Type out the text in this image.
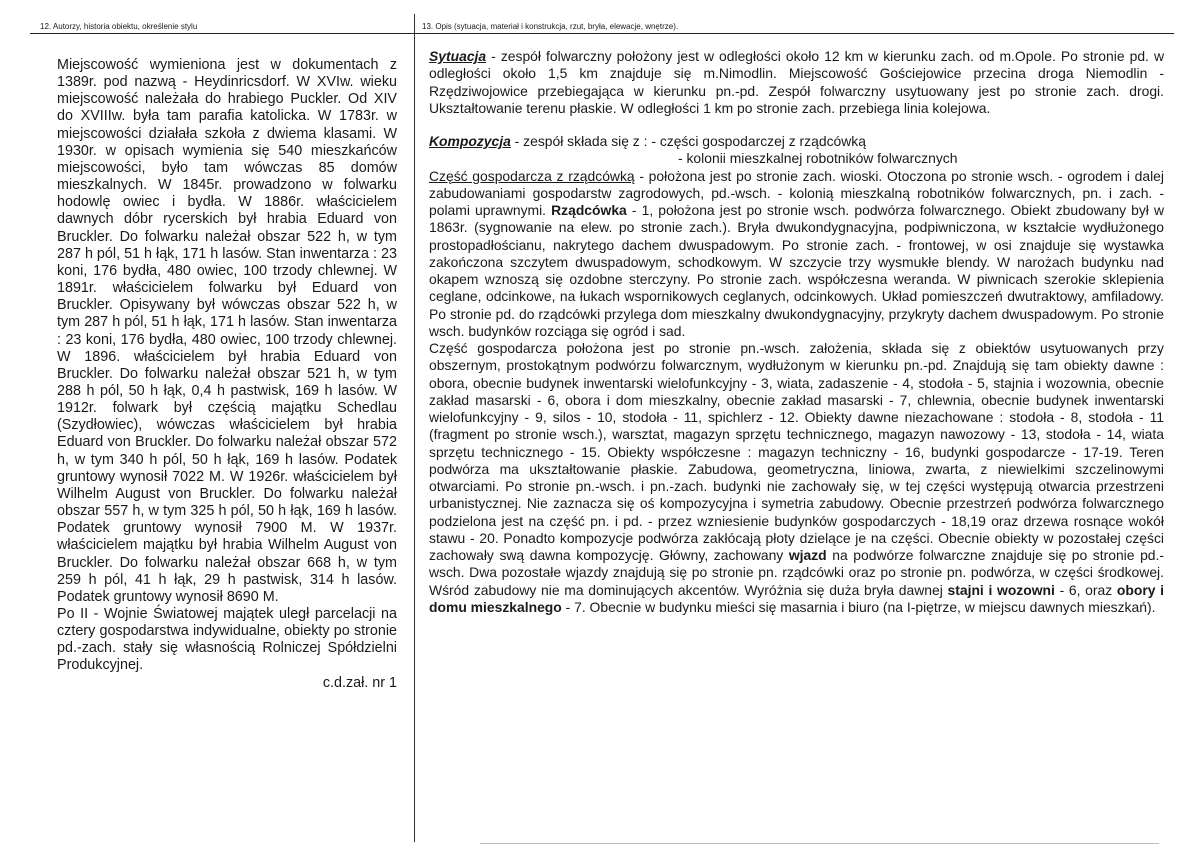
12. Autorzy, historia obiektu, określenie stylu	13. Opis (sytuacja, materiał i konstrukcja, rzut, bryła, elewacje, wnętrze).

Miejscowość wymieniona jest w dokumentach z 1389r. pod nazwą - Heydinricsdorf. W XVIw. wieku miejscowość należała do hrabiego Puckler. Od XIV do XVIIIw. była tam parafia katolicka. W 1783r. w miejscowości działała szkoła z dwiema klasami. W 1930r. w opisach wymienia się 540 mieszkańców miejscowości, było tam wówczas 85 domów mieszkalnych. W 1845r. prowadzono w folwarku hodowlę owiec i bydła. W 1886r. właścicielem dawnych dóbr rycerskich był hrabia Eduard von Bruckler. Do folwarku należał obszar 522 h, w tym 287 h pól, 51 h łąk, 171 h lasów. Stan inwentarza : 23 koni, 176 bydła, 480 owiec, 100 trzody chlewnej. W 1891r. właścicielem folwarku był Eduard von Bruckler. Opisywany był wówczas obszar 522 h, w tym 287 h pól, 51 h łąk, 171 h lasów. Stan inwentarza : 23 koni, 176 bydła, 480 owiec, 100 trzody chlewnej. W 1896. właścicielem był hrabia Eduard von Bruckler. Do folwarku należał obszar 521 h, w tym 288 h pól, 50 h łąk, 0,4 h pastwisk, 169 h lasów. W 1912r. folwark był częścią majątku Schedlau (Szydłowiec), wówczas właścicielem był hrabia Eduard von Bruckler. Do folwarku należał obszar 572 h, w tym 340 h pól, 50 h łąk, 169 h lasów. Podatek gruntowy wynosił 7022 M. W 1926r. właścicielem był Wilhelm August von Bruckler. Do folwarku należał obszar 557 h, w tym 325 h pól, 50 h łąk, 169 h lasów. Podatek gruntowy wynosił 7900 M. W 1937r. właścicielem majątku był hrabia Wilhelm August von Bruckler. Do folwarku należał obszar 668 h, w tym 259 h pól, 41 h łąk, 29 h pastwisk, 314 h lasów. Podatek gruntowy wynosił 8690 M.

Po II - Wojnie Światowej majątek uległ parcelacji na cztery gospodarstwa indywidualne, obiekty po stronie pd.-zach. stały się własnością Rolniczej Spółdzielni Produkcyjnej.

c.d.zał. nr 1

Sytuacja - zespół folwarczny położony jest w odległości około 12 km w kierunku zach. od m.Opole. Po stronie pd. w odległości około 1,5 km znajduje się m.Nimodlin. Miejscowość Gościejowice przecina droga Niemodlin - Rzędziwojowice przebiegająca w kierunku pn.-pd. Zespół folwarczny usytuowany jest po stronie zach. drogi. Ukształtowanie terenu płaskie. W odległości 1 km po stronie zach. przebiega linia kolejowa.

Kompozycja - zespół składa się z : - części gospodarczej z rządcówką

- kolonii mieszkalnej robotników folwarcznych

Część gospodarcza z rządcówką - położona jest po stronie zach. wioski. Otoczona po stronie wsch. - ogrodem i dalej zabudowaniami gospodarstw zagrodowych, pd.-wsch. - kolonią mieszkalną robotników folwarcznych, pn. i zach. - polami uprawnymi. Rządcówka - 1, położona jest po stronie wsch. podwórza folwarcznego. Obiekt zbudowany był w 1863r. (sygnowanie na elew. po stronie zach.). Bryła dwukondygnacyjna, podpiwniczona, w kształcie wydłużonego prostopadłościanu, nakrytego dachem dwuspadowym. Po stronie zach. - frontowej, w osi znajduje się wystawka zakończona szczytem dwuspadowym, schodkowym. W szczycie trzy wysmukłe blendy. W narożach budynku nad okapem wznoszą się ozdobne sterczyny. Po stronie zach. współczesna weranda. W piwnicach szerokie sklepienia ceglane, odcinkowe, na łukach wspornikowych ceglanych, odcinkowych. Układ pomieszczeń dwutraktowy, amfiladowy. Po stronie pd. do rządcówki przylega dom mieszkalny dwukondygnacyjny, przykryty dachem dwuspadowym. Po stronie wsch. budynków rozciąga się ogród i sad.

Część gospodarcza położona jest po stronie pn.-wsch. założenia, składa się z obiektów usytuowanych przy obszernym, prostokątnym podwórzu folwarcznym, wydłużonym w kierunku pn.-pd. Znajdują się tam obiekty dawne : obora, obecnie budynek inwentarski wielofunkcyjny - 3, wiata, zadaszenie - 4, stodoła - 5, stajnia i wozownia, obecnie zakład masarski - 6, obora i dom mieszkalny, obecnie zakład masarski - 7, chlewnia, obecnie budynek inwentarski wielofunkcyjny - 9, silos - 10, stodoła - 11, spichlerz - 12. Obiekty dawne niezachowane : stodoła - 8, stodoła - 11 (fragment po stronie wsch.), warsztat, magazyn sprzętu technicznego, magazyn nawozowy - 13, stodoła - 14, wiata sprzętu technicznego - 15. Obiekty współczesne : magazyn techniczny - 16, budynki gospodarcze - 17-19. Teren podwórza ma ukształtowanie płaskie. Zabudowa, geometryczna, liniowa, zwarta, z niewielkimi szczelinowymi otwarciami. Po stronie pn.-wsch. i pn.-zach. budynki nie zachowały się, w tej części występują otwarcia przestrzeni urbanistycznej. Nie zaznacza się oś kompozycyjna i symetria zabudowy. Obecnie przestrzeń podwórza folwarcznego podzielona jest na część pn. i pd. - przez wzniesienie budynków gospodarczych - 18,19 oraz drzewa rosnące wokół stawu - 20. Ponadto kompozycje podwórza zakłócają płoty dzielące je na części. Obecnie obiekty w pozostałej części zachowały swą dawna kompozycję. Główny, zachowany wjazd na podwórze folwarczne znajduje się po stronie pd.-wsch. Dwa pozostałe wjazdy znajdują się po stronie pn. rządcówki oraz po stronie pn. podwórza, w części środkowej. Wśród zabudowy nie ma dominujących akcentów. Wyróżnia się duża bryła dawnej stajni i wozowni - 6, oraz obory i domu mieszkalnego - 7. Obecnie w budynku mieści się masarnia i biuro (na I-piętrze, w miejscu dawnych mieszkań).
